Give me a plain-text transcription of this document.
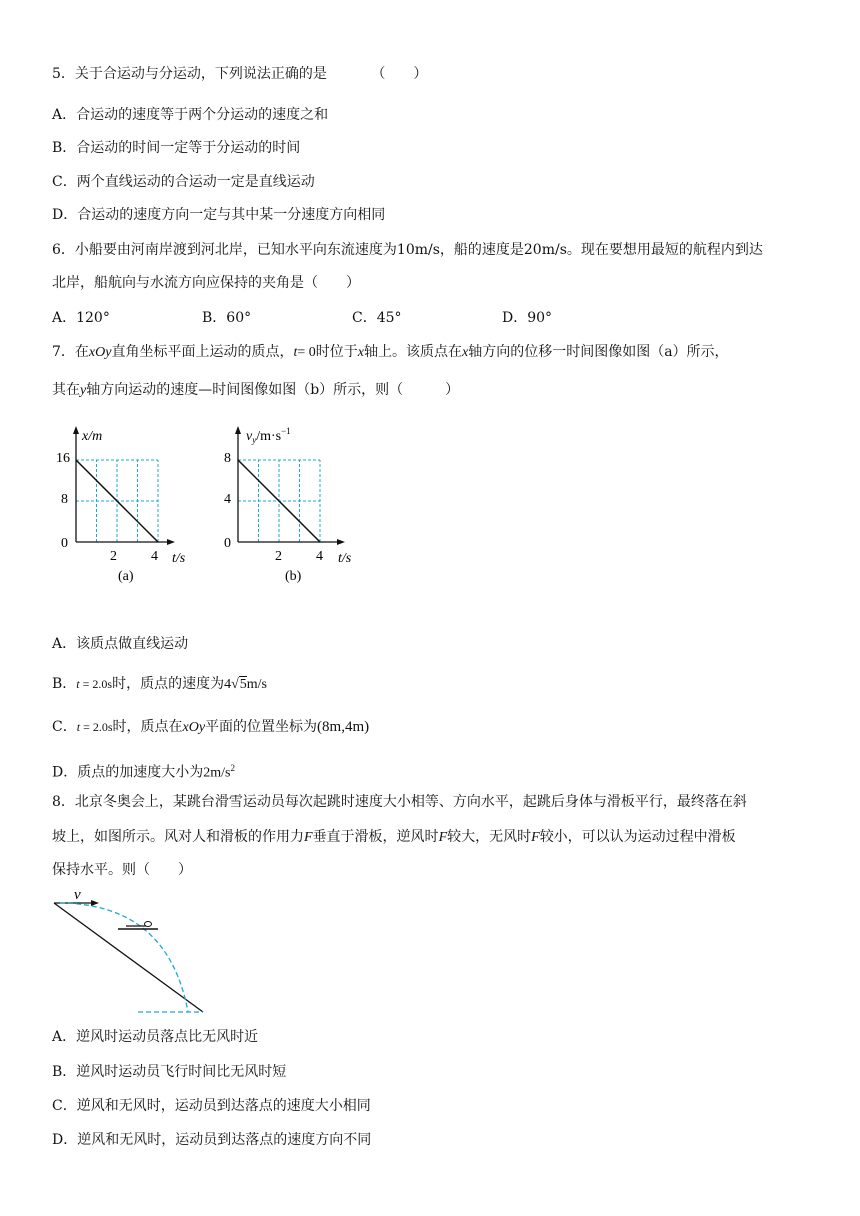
5．关于合运动与分运动，下列说法正确的是	（　　）
A．合运动的速度等于两个分运动的速度之和
B．合运动的时间一定等于分运动的时间
C．两个直线运动的合运动一定是直线运动
D．合运动的速度方向一定与其中某一分速度方向相同
6．小船要由河南岸渡到河北岸，已知水平向东流速度为10m/s，船的速度是20m/s。现在要想用最短的航程内到达
北岸，船航向与水流方向应保持的夹角是（　　）
A．120°	B．60°	C．45°	D．90°
7．在xOy直角坐标平面上运动的质点，t= 0时位于x轴上。该质点在x轴方向的位移一时间图像如图（a）所示，
其在y轴方向运动的速度—时间图像如图（b）所示，则（　　　）
x/m
16
8
0
2 4 t/s
(a)
$v_y/m\cdot s^{-1}$
8
4
0
2 4 t/s
(b)
A．该质点做直线运动
B．t = 2.0s时，质点的速度为4√5m/s
C．t = 2.0s时，质点在xOy平面的位置坐标为(8m,4m)
D．质点的加速度大小为$2m/s^2$
8．北京冬奥会上，某跳台滑雪运动员每次起跳时速度大小相等、方向水平，起跳后身体与滑板平行，最终落在斜
坡上，如图所示。风对人和滑板的作用力F垂直于滑板，逆风时F较大，无风时F较小，可以认为运动过程中滑板
保持水平。则（　　）
v
A．逆风时运动员落点比无风时近
B．逆风时运动员飞行时间比无风时短
C．逆风和无风时，运动员到达落点的速度大小相同
D．逆风和无风时，运动员到达落点的速度方向不同
